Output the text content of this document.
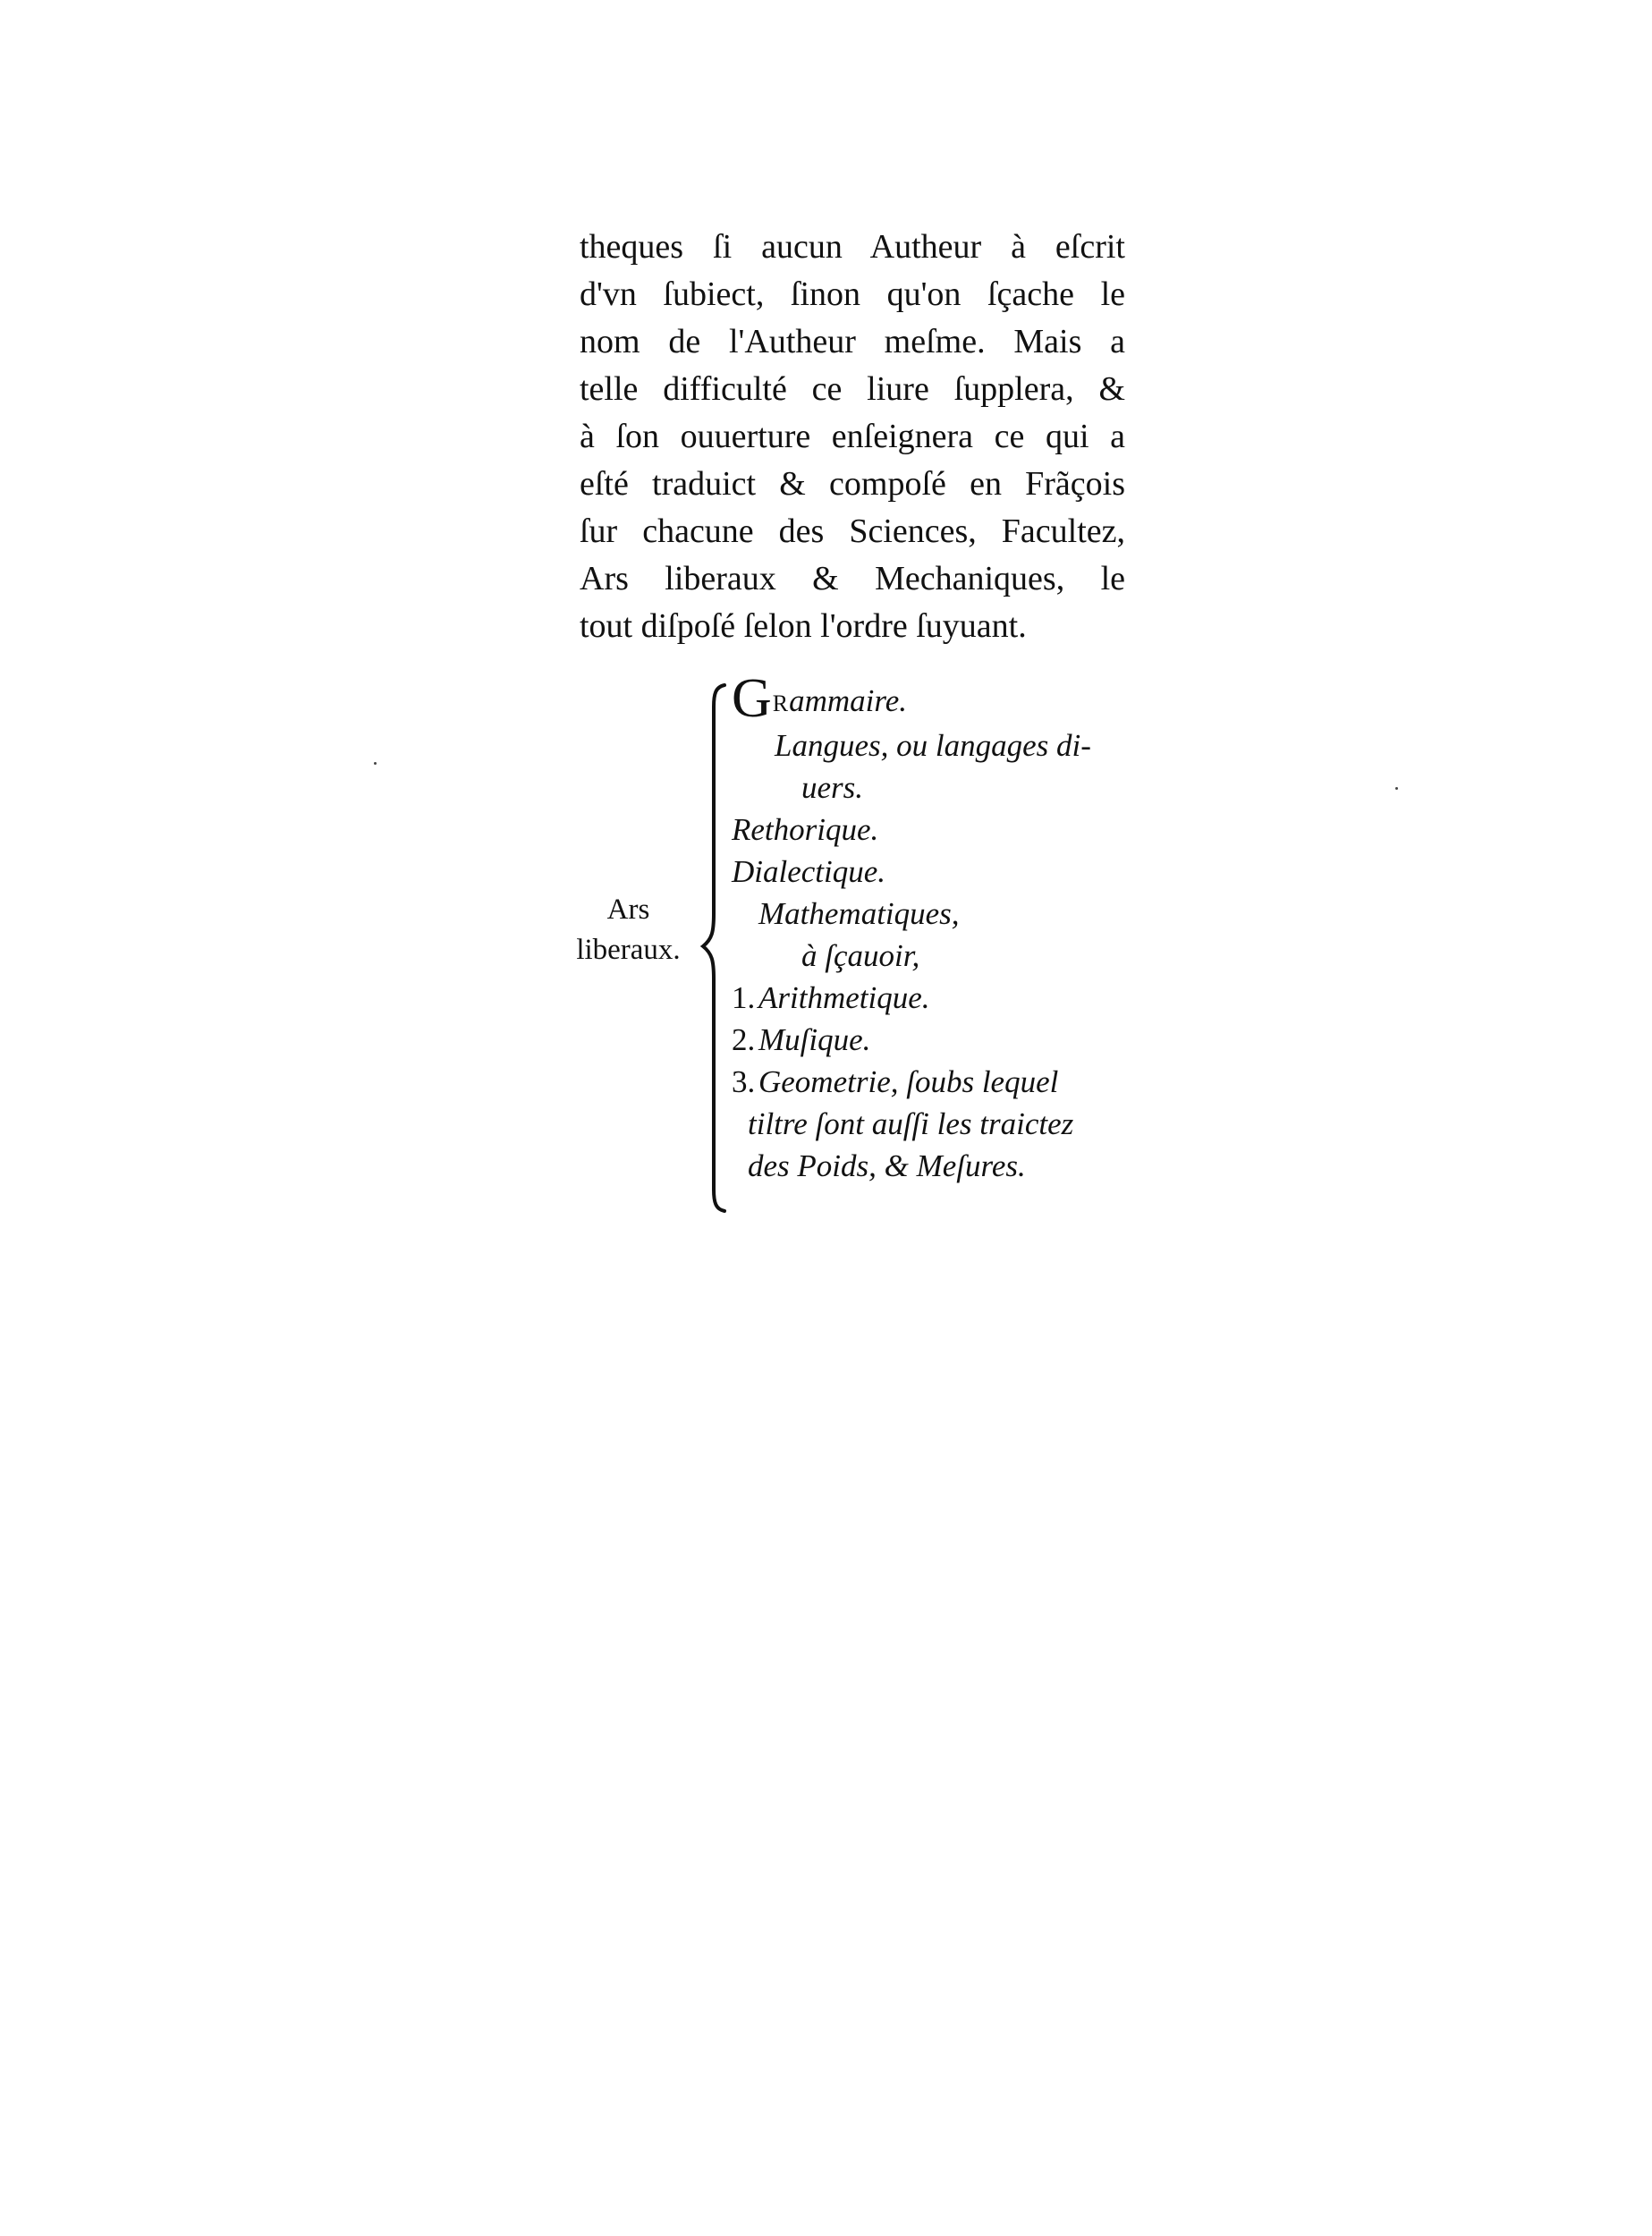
theques ſi aucun Autheur à eſcrit
d'vn ſubiect, ſinon qu'on ſçache le
nom de l'Autheur meſme. Mais a
telle difficulté ce liure ſupplera, &
à ſon ouuerture enſeignera ce qui a
eſté traduict & compoſé en Frãçois
ſur chacune des Sciences, Facultez,
Ars liberaux & Mechaniques, le
tout diſpoſé ſelon l'ordre ſuyuant.
Ars
liberaux.
GRammaire.
Langues, ou langages di-
uers.
Rethorique.
Dialectique.
Mathematiques,
à ſçauoir,
1. Arithmetique.
2. Muſique.
3. Geometrie, ſoubs lequel
tiltre ſont auſſi les traictez
des Poids, & Meſures.
